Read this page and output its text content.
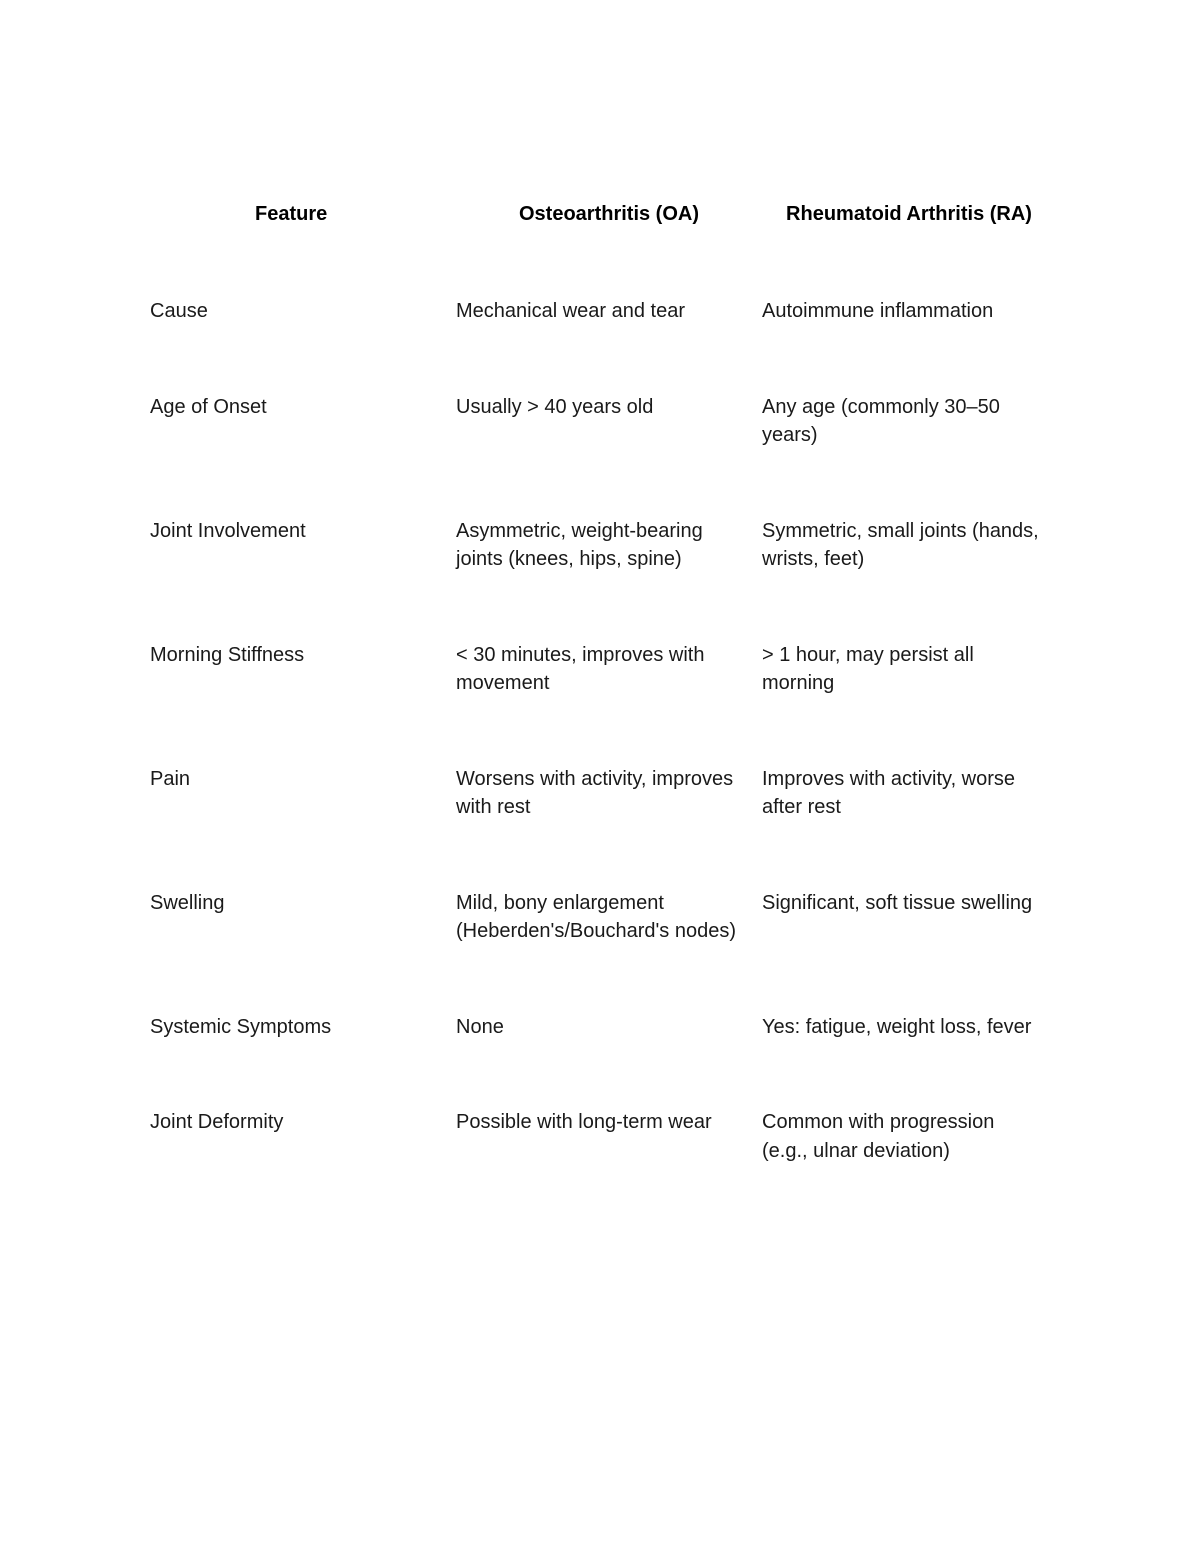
Feature	Osteoarthritis (OA)	Rheumatoid Arthritis (RA)
Cause	Mechanical wear and tear	Autoimmune inflammation
Age of Onset	Usually > 40 years old	Any age (commonly 30–50 years)
Joint Involvement	Asymmetric, weight-bearing joints (knees, hips, spine)	Symmetric, small joints (hands, wrists, feet)
Morning Stiffness	< 30 minutes, improves with movement	> 1 hour, may persist all morning
Pain	Worsens with activity, improves with rest	Improves with activity, worse after rest
Swelling	Mild, bony enlargement (Heberden's/Bouchard's nodes)	Significant, soft tissue swelling
Systemic Symptoms	None	Yes: fatigue, weight loss, fever
Joint Deformity	Possible with long-term wear	Common with progression (e.g., ulnar deviation)
